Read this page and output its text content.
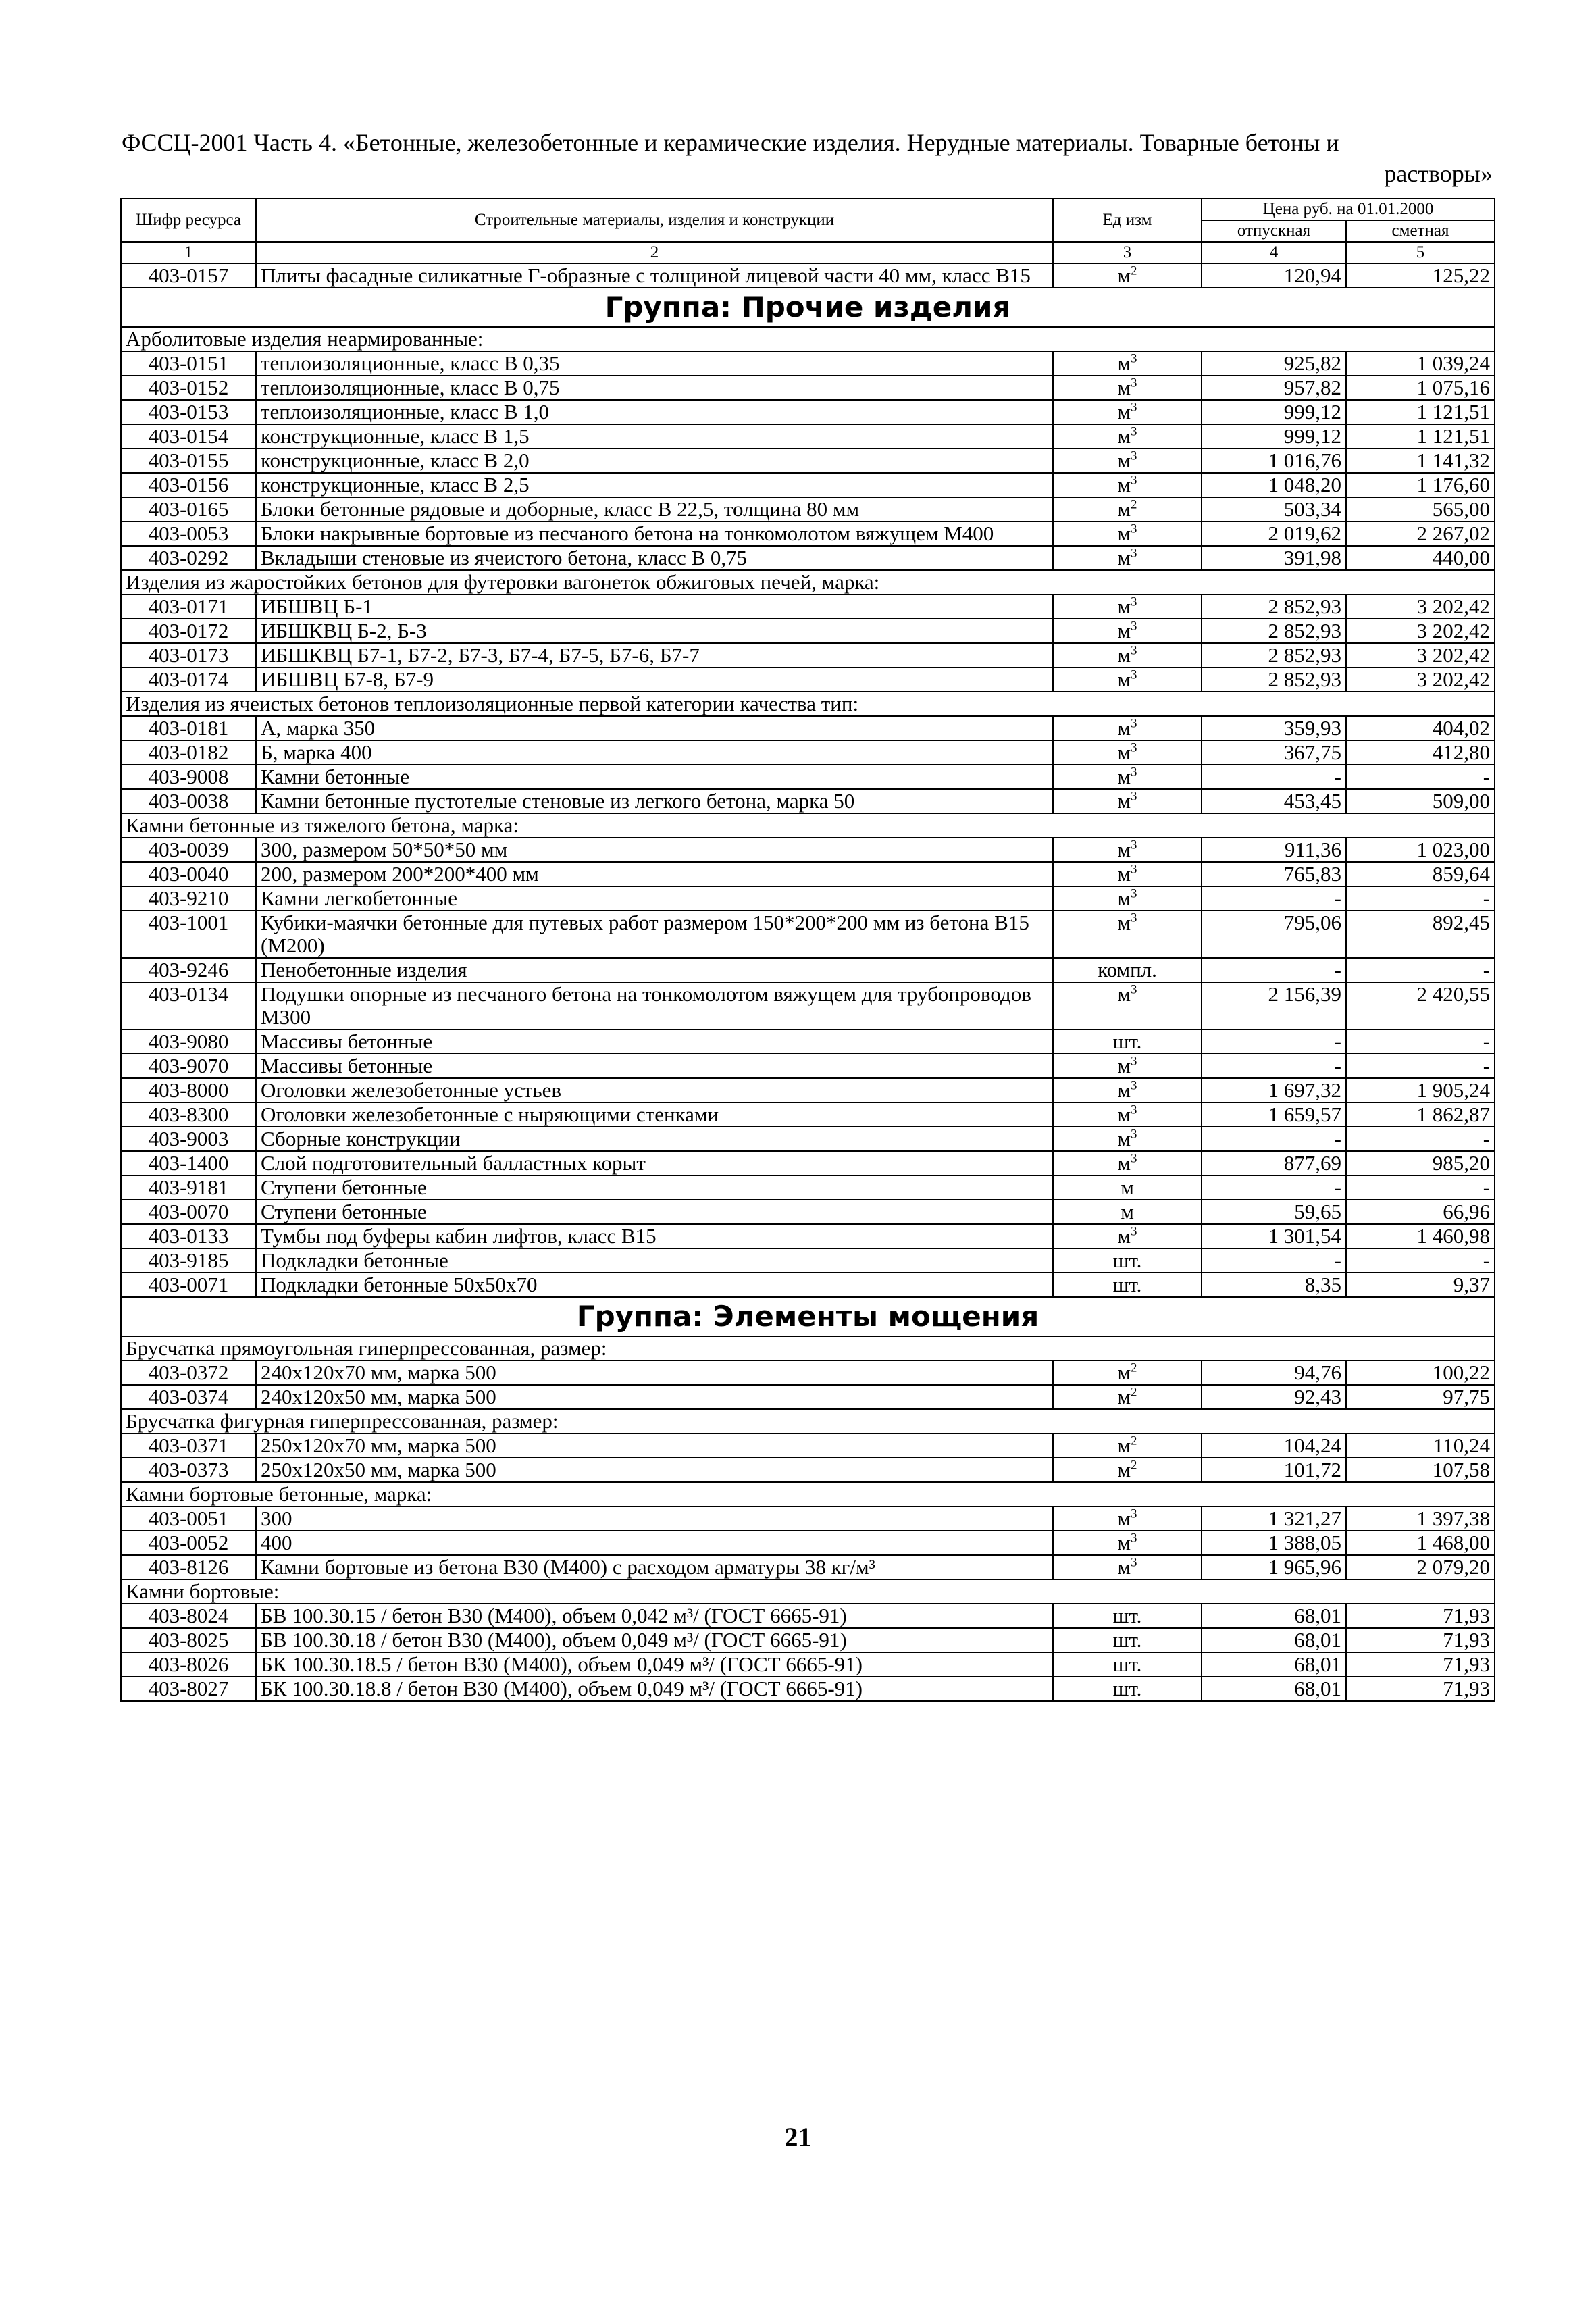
ФССЦ-2001 Часть 4. «Бетонные, железобетонные и керамические изделия. Нерудные материалы. Товарные бетоны и
растворы»
Шифр ресурса	Строительные материалы, изделия и конструкции	Ед изм	Цена руб. на 01.01.2000	
			отпускная	сметная
1	2	3	4	5
403-0157	Плиты фасадные силикатные Г-образные с толщиной лицевой части 40 мм, класс В15	$м^2$	120,94	125,22
Группа: Прочие изделия				
Арболитовые изделия неармированные:				
403-0151	теплоизоляционные, класс В 0,35	$м^3$	925,82	1 039,24
403-0152	теплоизоляционные, класс В 0,75	$м^3$	957,82	1 075,16
403-0153	теплоизоляционные, класс В 1,0	$м^3$	999,12	1 121,51
403-0154	конструкционные, класс В 1,5	$м^3$	999,12	1 121,51
403-0155	конструкционные, класс В 2,0	$м^3$	1 016,76	1 141,32
403-0156	конструкционные, класс В 2,5	$м^3$	1 048,20	1 176,60
403-0165	Блоки бетонные рядовые и доборные, класс В 22,5, толщина 80 мм	$м^2$	503,34	565,00
403-0053	Блоки накрывные бортовые из песчаного бетона на тонкомолотом вяжущем М400	$м^3$	2 019,62	2 267,02
403-0292	Вкладыши стеновые из ячеистого бетона, класс В 0,75	$м^3$	391,98	440,00
Изделия из жаростойких бетонов для футеровки вагонеток обжиговых печей, марка:				
403-0171	ИБШВЦ Б-1	$м^3$	2 852,93	3 202,42
403-0172	ИБШКВЦ Б-2, Б-3	$м^3$	2 852,93	3 202,42
403-0173	ИБШКВЦ Б7-1, Б7-2, Б7-3, Б7-4, Б7-5, Б7-6, Б7-7	$м^3$	2 852,93	3 202,42
403-0174	ИБШВЦ Б7-8, Б7-9	$м^3$	2 852,93	3 202,42
Изделия из ячеистых бетонов теплоизоляционные первой категории качества тип:				
403-0181	А, марка 350	$м^3$	359,93	404,02
403-0182	Б, марка 400	$м^3$	367,75	412,80
403-9008	Камни бетонные	$м^3$	-	-
403-0038	Камни бетонные пустотелые стеновые из легкого бетона, марка 50	$м^3$	453,45	509,00
Камни бетонные из тяжелого бетона, марка:				
403-0039	300, размером 50*50*50 мм	$м^3$	911,36	1 023,00
403-0040	200, размером 200*200*400 мм	$м^3$	765,83	859,64
403-9210	Камни легкобетонные	$м^3$	-	-
403-1001	Кубики-маячки бетонные для путевых работ размером 150*200*200 мм из бетона В15 (М200)	$м^3$	795,06	892,45
403-9246	Пенобетонные изделия	компл.	-	-
403-0134	Подушки опорные из песчаного бетона на тонкомолотом вяжущем для трубопроводов М300	$м^3$	2 156,39	2 420,55
403-9080	Массивы бетонные	шт.	-	-
403-9070	Массивы бетонные	$м^3$	-	-
403-8000	Оголовки железобетонные устьев	$м^3$	1 697,32	1 905,24
403-8300	Оголовки железобетонные с ныряющими стенками	$м^3$	1 659,57	1 862,87
403-9003	Сборные конструкции	$м^3$	-	-
403-1400	Слой подготовительный балластных корыт	$м^3$	877,69	985,20
403-9181	Ступени бетонные	м	-	-
403-0070	Ступени бетонные	м	59,65	66,96
403-0133	Тумбы под буферы кабин лифтов, класс В15	$м^3$	1 301,54	1 460,98
403-9185	Подкладки бетонные	шт.	-	-
403-0071	Подкладки бетонные 50х50х70	шт.	8,35	9,37
Группа: Элементы мощения				
Брусчатка прямоугольная гиперпрессованная, размер:				
403-0372	240х120х70 мм, марка 500	$м^2$	94,76	100,22
403-0374	240х120х50 мм, марка 500	$м^2$	92,43	97,75
Брусчатка фигурная гиперпрессованная, размер:				
403-0371	250х120х70 мм, марка 500	$м^2$	104,24	110,24
403-0373	250х120х50 мм, марка 500	$м^2$	101,72	107,58
Камни бортовые бетонные, марка:				
403-0051	300	$м^3$	1 321,27	1 397,38
403-0052	400	$м^3$	1 388,05	1 468,00
403-8126	Камни бортовые из бетона В30 (М400) с расходом арматуры 38 кг/м³	$м^3$	1 965,96	2 079,20
Камни бортовые:				
403-8024	БВ 100.30.15 / бетон В30 (М400), объем 0,042 м³/ (ГОСТ 6665-91)	шт.	68,01	71,93
403-8025	БВ 100.30.18 / бетон В30 (М400), объем 0,049 м³/ (ГОСТ 6665-91)	шт.	68,01	71,93
403-8026	БК 100.30.18.5 / бетон В30 (М400), объем 0,049 м³/ (ГОСТ 6665-91)	шт.	68,01	71,93
403-8027	БК 100.30.18.8 / бетон В30 (М400), объем 0,049 м³/ (ГОСТ 6665-91)	шт.	68,01	71,93
21
